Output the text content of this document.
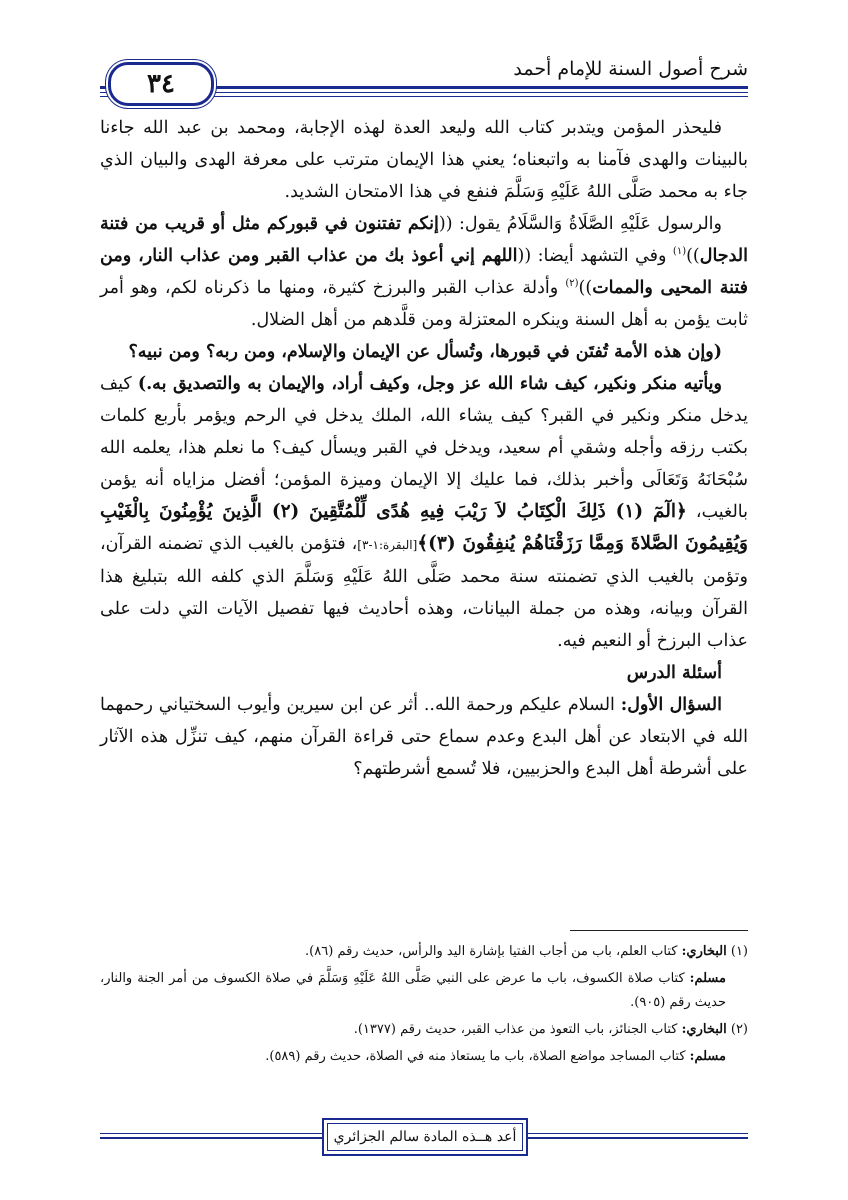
شرح أصول السنة للإمام أحمد
٣٤

فليحذر المؤمن ويتدبر كتاب الله وليعد العدة لهذه الإجابة، ومحمد بن عبد الله جاءنا بالبينات والهدى فآمنا به واتبعناه؛ يعني هذا الإيمان مترتب على معرفة الهدى والبيان الذي جاء به محمد صَلَّى اللهُ عَلَيْهِ وَسَلَّمَ فنفع في هذا الامتحان الشديد.

والرسول عَلَيْهِ الصَّلَاةُ وَالسَّلَامُ يقول: ((إنكم تفتنون في قبوركم مثل أو قريب من فتنة الدجال))$^{(١)}$ وفي التشهد أيضا: ((اللهم إني أعوذ بك من عذاب القبر ومن عذاب النار، ومن فتنة المحيى والممات))$^{(٢)}$ وأدلة عذاب القبر والبرزخ كثيرة، ومنها ما ذكرناه لكم، وهو أمر ثابت يؤمن به أهل السنة وينكره المعتزلة ومن قلَّدهم من أهل الضلال.

(وإن هذه الأمة تُفتَن في قبورها، وتُسأل عن الإيمان والإسلام، ومن ربه؟ ومن نبيه؟

ويأتيه منكر ونكير، كيف شاء الله عز وجل، وكيف أراد، والإيمان به والتصديق به.) كيف يدخل منكر ونكير في القبر؟ كيف يشاء الله، الملك يدخل في الرحم ويؤمر بأربع كلمات بكتب رزقه وأجله وشقي أم سعيد، ويدخل في القبر ويسأل كيف؟ ما نعلم هذا، يعلمه الله سُبْحَانَهُ وَتَعَالَى وأخبر بذلك، فما عليك إلا الإيمان وميزة المؤمن؛ أفضل مزاياه أنه يؤمن بالغيب، ﴿الٓمٓ (١) ذَلِكَ الْكِتَابُ لاَ رَيْبَ فِيهِ هُدًى لِّلْمُتَّقِينَ (٢) الَّذِينَ يُؤْمِنُونَ بِالْغَيْبِ وَيُقِيمُونَ الصَّلاةَ وَمِمَّا رَزَقْنَاهُمْ يُنفِقُونَ (٣)﴾[البقرة:١-٣]، فتؤمن بالغيب الذي تضمنه القرآن، وتؤمن بالغيب الذي تضمنته سنة محمد صَلَّى اللهُ عَلَيْهِ وَسَلَّمَ الذي كلفه الله بتبليغ هذا القرآن وبيانه، وهذه من جملة البيانات، وهذه أحاديث فيها تفصيل الآيات التي دلت على عذاب البرزخ أو النعيم فيه.

أسئلة الدرس

السؤال الأول: السلام عليكم ورحمة الله.. أثر عن ابن سيرين وأيوب السختياني رحمهما الله في الابتعاد عن أهل البدع وعدم سماع حتى قراءة القرآن منهم، كيف تنزِّل هذه الآثار على أشرطة أهل البدع والحزبيين، فلا تُسمع أشرطتهم؟

(١) البخاري: كتاب العلم، باب من أجاب الفتيا بإشارة اليد والرأس، حديث رقم (٨٦).

مسلم: كتاب صلاة الكسوف، باب ما عرض على النبي صَلَّى اللهُ عَلَيْهِ وَسَلَّمَ في صلاة الكسوف من أمر الجنة والنار، حديث رقم (٩٠٥).

(٢) البخاري: كتاب الجنائز، باب التعوذ من عذاب القبر، حديث رقم (١٣٧٧).

مسلم: كتاب المساجد مواضع الصلاة، باب ما يستعاذ منه في الصلاة، حديث رقم (٥٨٩).

أعد هــذه المادة سالم الجزائري
